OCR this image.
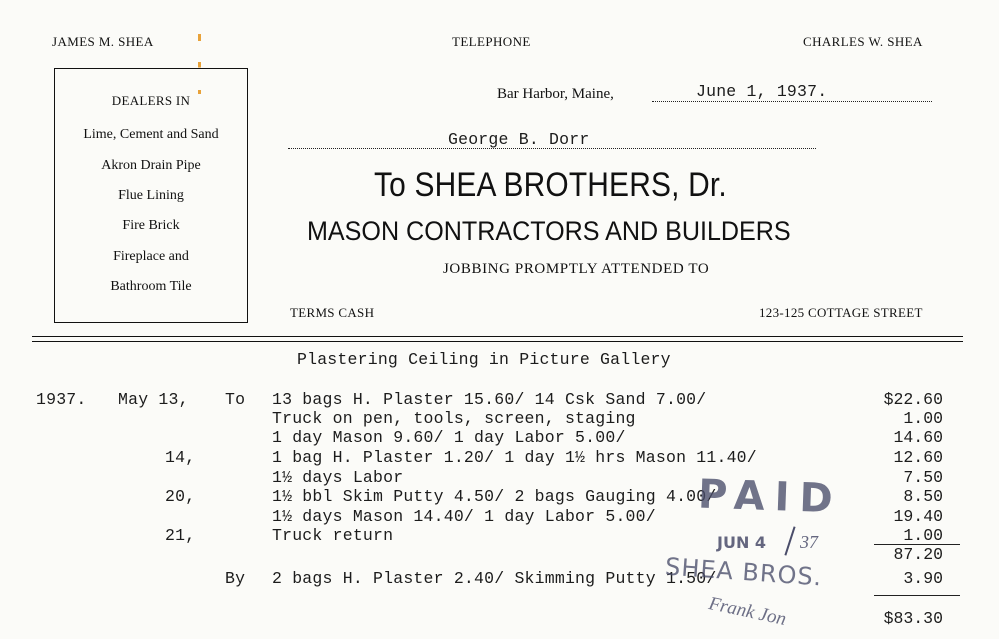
JAMES M. SHEA	TELEPHONE	CHARLES W. SHEA
DEALERS IN
Lime, Cement and Sand
Akron Drain Pipe
Flue Lining
Fire Brick
Fireplace and
Bathroom Tile
Bar Harbor, Maine,	June 1, 1937.
George B. Dorr
To SHEA BROTHERS, Dr.
MASON CONTRACTORS AND BUILDERS
JOBBING PROMPTLY ATTENDED TO
TERMS CASH	123-125 COTTAGE STREET
Plastering Ceiling in Picture Gallery
1937. May 13, To 13 bags H. Plaster 15.60/ 14 Csk Sand 7.00/	$22.60
Truck on pen, tools, screen, staging	1.00
1 day Mason 9.60/ 1 day Labor 5.00/	14.60
14,	1 bag H. Plaster 1.20/ 1 day 1½ hrs Mason 11.40/	12.60
1½ days Labor	7.50
20,	1½ bbl Skim Putty 4.50/ 2 bags Gauging 4.00/	8.50
1½ days Mason 14.40/ 1 day Labor 5.00/	19.40
21,	Truck return	1.00
87.20
By 2 bags H. Plaster 2.40/ Skimming Putty 1.50/	3.90
$83.30
PAID
JUN 4 37
SHEA BROS.
Frank Jon
